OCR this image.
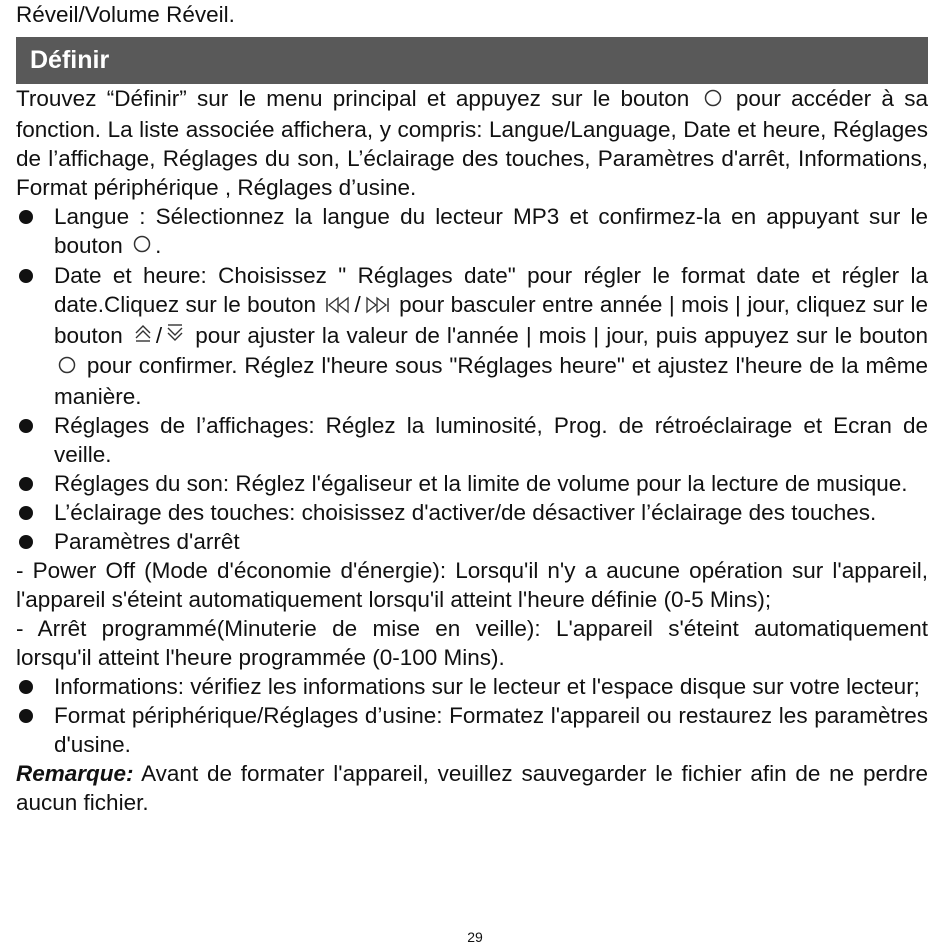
Réveil/Volume Réveil.

Définir

Trouvez “Définir” sur le menu principal et appuyez sur le bouton pour accéder à sa fonction. La liste associée affichera, y compris: Langue/Language, Date et heure, Réglages de l’affichage, Réglages du son, L’éclairage des touches, Paramètres d'arrêt, Informations, Format périphérique , Réglages d’usine.

Langue : Sélectionnez la langue du lecteur MP3 et confirmez-la en appuyant sur le bouton .
Date et heure: Choisissez " Réglages date" pour régler le format date et régler la date.Cliquez sur le bouton / pour basculer entre année | mois | jour, cliquez sur le bouton / pour ajuster la valeur de l'année | mois | jour, puis appuyez sur le bouton  pour confirmer. Réglez l'heure sous "Réglages heure" et ajustez l'heure de la même manière.
Réglages de l’affichages: Réglez la luminosité, Prog. de rétroéclairage et Ecran de veille.
Réglages du son: Réglez l'égaliseur et la limite de volume pour la lecture de musique.
L’éclairage des touches: choisissez d'activer/de désactiver l’éclairage des touches.
Paramètres d'arrêt

- Power Off (Mode d'économie d'énergie): Lorsqu'il n'y a aucune opération sur l'appareil, l'appareil s'éteint automatiquement lorsqu'il atteint l'heure définie (0-5 Mins);

- Arrêt programmé(Minuterie de mise en veille): L'appareil s'éteint automatiquement lorsqu'il atteint l'heure programmée (0-100 Mins).

Informations: vérifiez les informations sur le lecteur et l'espace disque sur votre lecteur;
Format périphérique/Réglages d’usine: Formatez l'appareil ou restaurez les paramètres d'usine.

Remarque: Avant de formater l'appareil, veuillez sauvegarder le fichier afin de ne perdre aucun fichier.

29
